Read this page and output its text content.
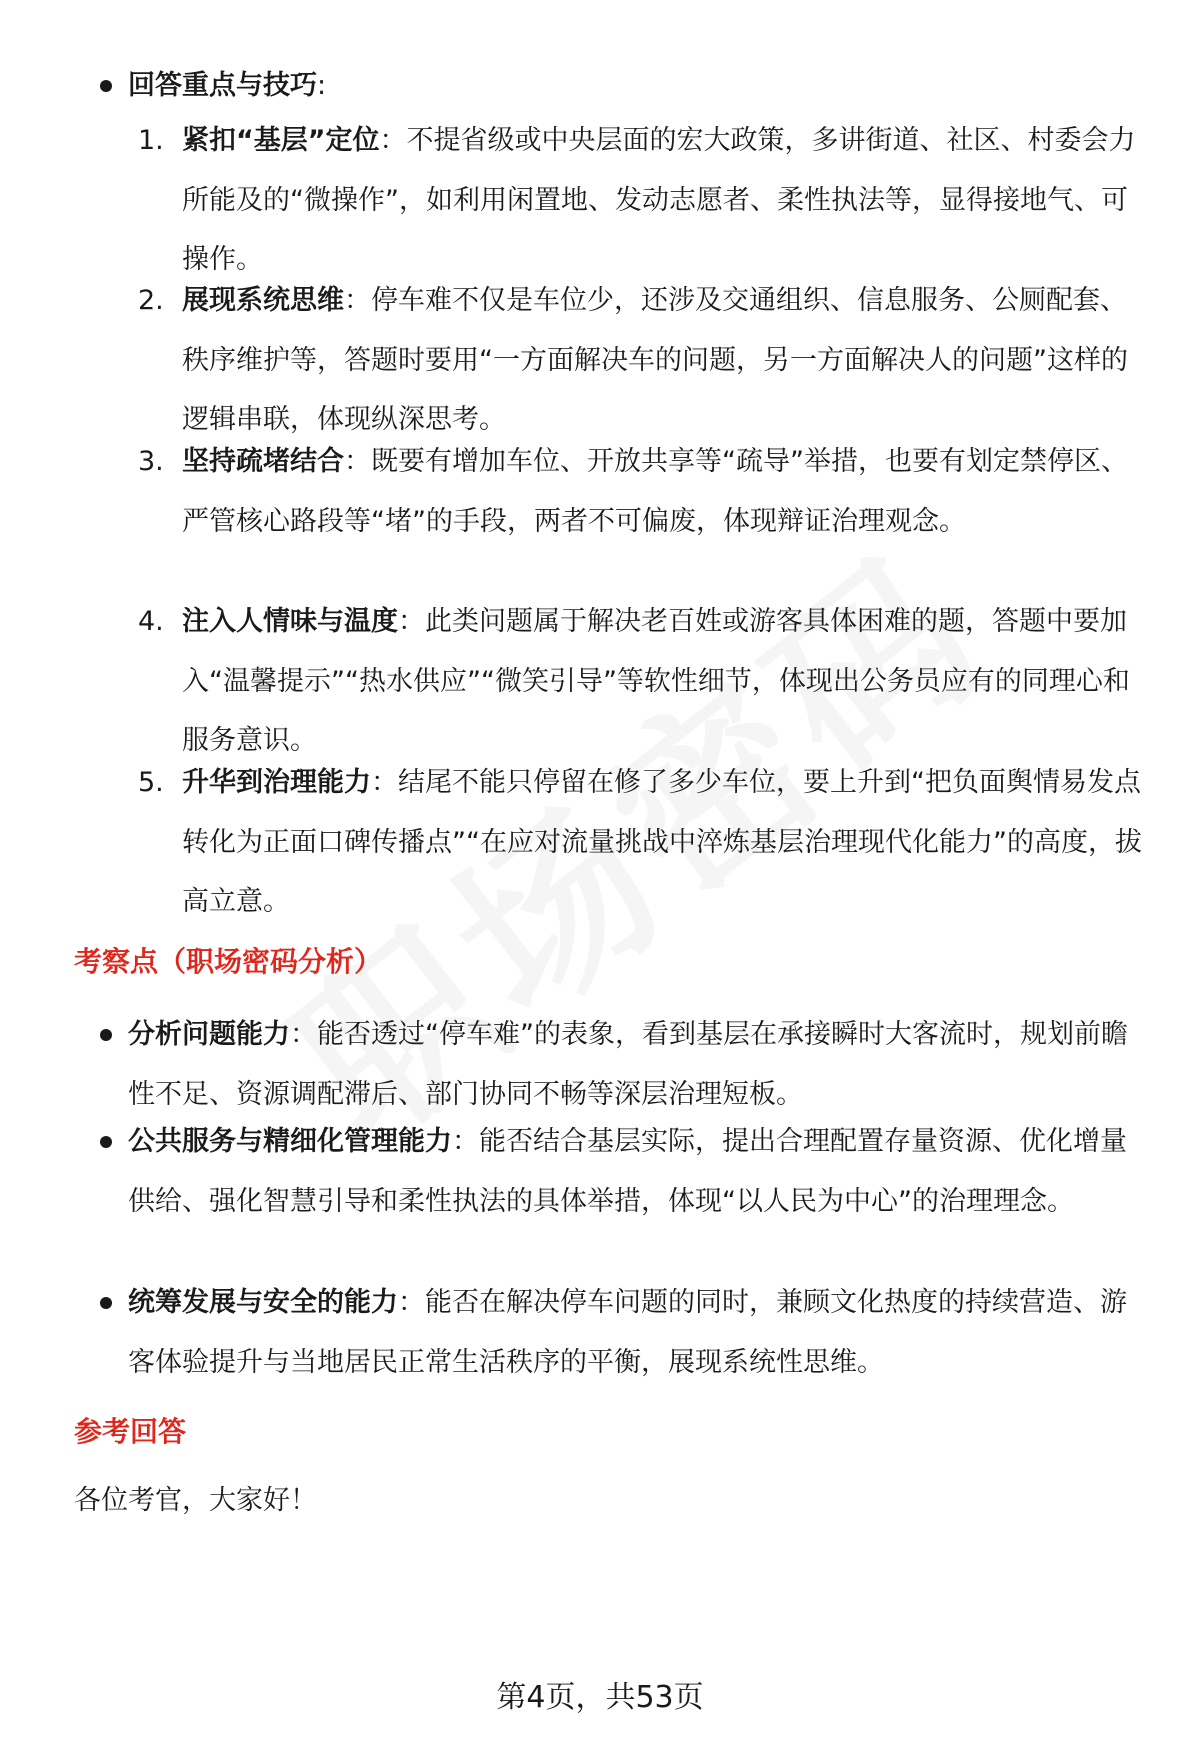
回答重点与技巧:
1. 紧扣“基层”定位：不提省级或中央层面的宏大政策，多讲街道、社区、村委会力所能及的“微操作”，如利用闲置地、发动志愿者、柔性执法等，显得接地气、可操作。
2. 展现系统思维：停车难不仅是车位少，还涉及交通组织、信息服务、公厕配套、秩序维护等，答题时要用“一方面解决车的问题，另一方面解决人的问题”这样的逻辑串联，体现纵深思考。
3. 坚持疏堵结合：既要有增加车位、开放共享等“疏导”举措，也要有划定禁停区、严管核心路段等“堵”的手段，两者不可偏废，体现辩证治理观念。
4. 注入人情味与温度：此类问题属于解决老百姓或游客具体困难的题，答题中要加入“温馨提示”“热水供应”“微笑引导”等软性细节，体现出公务员应有的同理心和服务意识。
5. 升华到治理能力：结尾不能只停留在修了多少车位，要上升到“把负面舆情易发点转化为正面口碑传播点”“在应对流量挑战中淬炼基层治理现代化能力”的高度，拔高立意。
考察点（职场密码分析）
分析问题能力：能否透过“停车难”的表象，看到基层在承接瞬时大客流时，规划前瞻性不足、资源调配滞后、部门协同不畅等深层治理短板。
公共服务与精细化管理能力：能否结合基层实际，提出合理配置存量资源、优化增量供给、强化智慧引导和柔性执法的具体举措，体现“以人民为中心”的治理理念。
统筹发展与安全的能力：能否在解决停车问题的同时，兼顾文化热度的持续营造、游客体验提升与当地居民正常生活秩序的平衡，展现系统性思维。
参考回答
各位考官，大家好！
第4页，共53页
